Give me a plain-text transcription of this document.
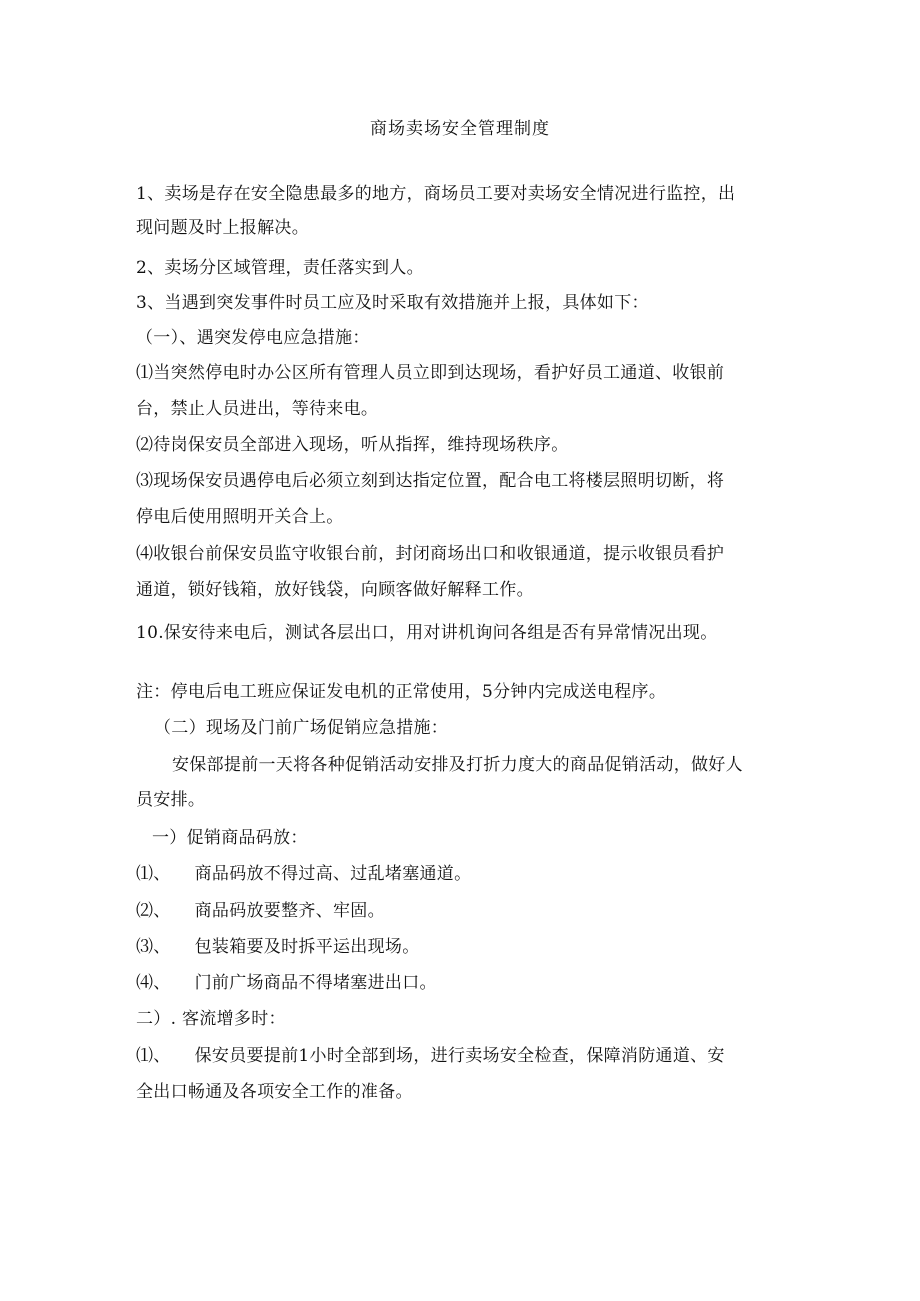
商场卖场安全管理制度
1、卖场是存在安全隐患最多的地方，商场员工要对卖场安全情况进行监控，出
现问题及时上报解决。
2、卖场分区域管理，责任落实到人。
3、当遇到突发事件时员工应及时采取有效措施并上报，具体如下：
（一）、遇突发停电应急措施：
⑴当突然停电时办公区所有管理人员立即到达现场，看护好员工通道、收银前
台，禁止人员进出，等待来电。
⑵待岗保安员全部进入现场，听从指挥，维持现场秩序。
⑶现场保安员遇停电后必须立刻到达指定位置，配合电工将楼层照明切断，将
停电后使用照明开关合上。
⑷收银台前保安员监守收银台前，封闭商场出口和收银通道，提示收银员看护
通道，锁好钱箱，放好钱袋，向顾客做好解释工作。
10.保安待来电后，测试各层出口，用对讲机询问各组是否有异常情况出现。
注：停电后电工班应保证发电机的正常使用，5分钟内完成送电程序。
（二）现场及门前广场促销应急措施：
安保部提前一天将各种促销活动安排及打折力度大的商品促销活动，做好人
员安排。
一）促销商品码放：
⑴、 商品码放不得过高、过乱堵塞通道。
⑵、 商品码放要整齐、牢固。
⑶、 包装箱要及时拆平运出现场。
⑷、 门前广场商品不得堵塞进出口。
二）. 客流增多时：
⑴、 保安员要提前1小时全部到场，进行卖场安全检查，保障消防通道、安
全出口畅通及各项安全工作的准备。
